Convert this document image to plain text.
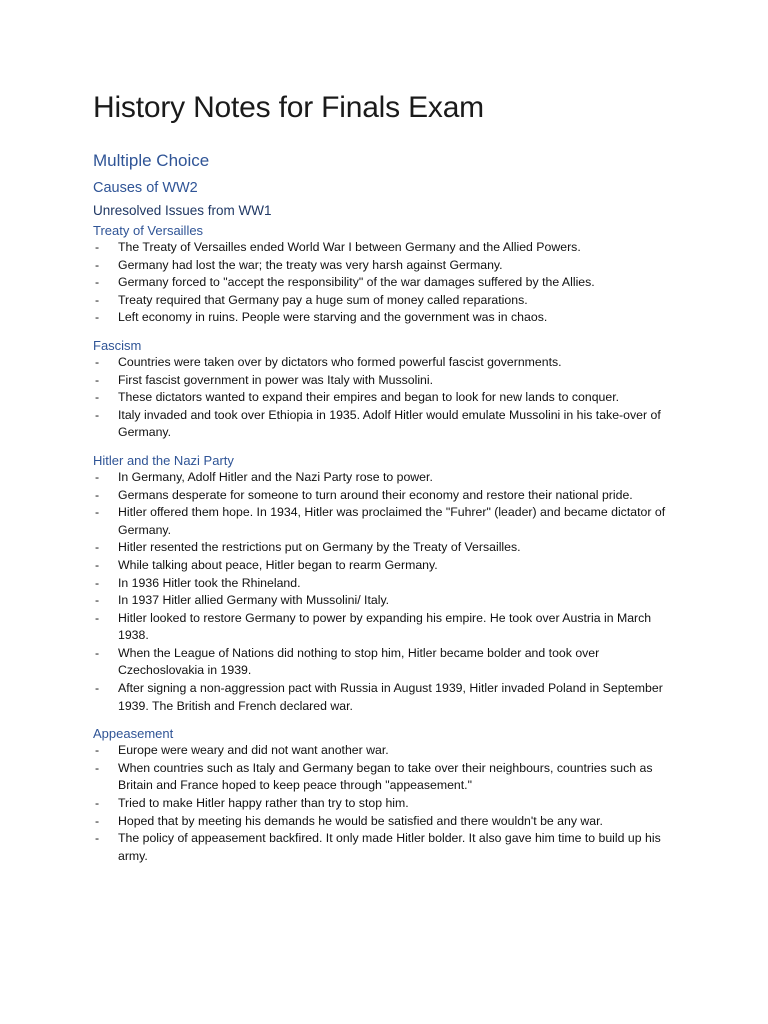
History Notes for Finals Exam
Multiple Choice
Causes of WW2
Unresolved Issues from WW1
Treaty of Versailles
- The Treaty of Versailles ended World War I between Germany and the Allied Powers.
- Germany had lost the war; the treaty was very harsh against Germany.
- Germany forced to "accept the responsibility" of the war damages suffered by the Allies.
- Treaty required that Germany pay a huge sum of money called reparations.
- Left economy in ruins. People were starving and the government was in chaos.
Fascism
- Countries were taken over by dictators who formed powerful fascist governments.
- First fascist government in power was Italy with Mussolini.
- These dictators wanted to expand their empires and began to look for new lands to conquer.
- Italy invaded and took over Ethiopia in 1935. Adolf Hitler would emulate Mussolini in his take-over of Germany.
Hitler and the Nazi Party
- In Germany, Adolf Hitler and the Nazi Party rose to power.
- Germans desperate for someone to turn around their economy and restore their national pride.
- Hitler offered them hope. In 1934, Hitler was proclaimed the "Fuhrer" (leader) and became dictator of Germany.
- Hitler resented the restrictions put on Germany by the Treaty of Versailles.
- While talking about peace, Hitler began to rearm Germany.
- In 1936 Hitler took the Rhineland.
- In 1937 Hitler allied Germany with Mussolini/ Italy.
- Hitler looked to restore Germany to power by expanding his empire. He took over Austria in March 1938.
- When the League of Nations did nothing to stop him, Hitler became bolder and took over Czechoslovakia in 1939.
- After signing a non-aggression pact with Russia in August 1939, Hitler invaded Poland in September 1939. The British and French declared war.
Appeasement
- Europe were weary and did not want another war.
- When countries such as Italy and Germany began to take over their neighbours, countries such as Britain and France hoped to keep peace through "appeasement."
- Tried to make Hitler happy rather than try to stop him.
- Hoped that by meeting his demands he would be satisfied and there wouldn't be any war.
- The policy of appeasement backfired. It only made Hitler bolder. It also gave him time to build up his army.
